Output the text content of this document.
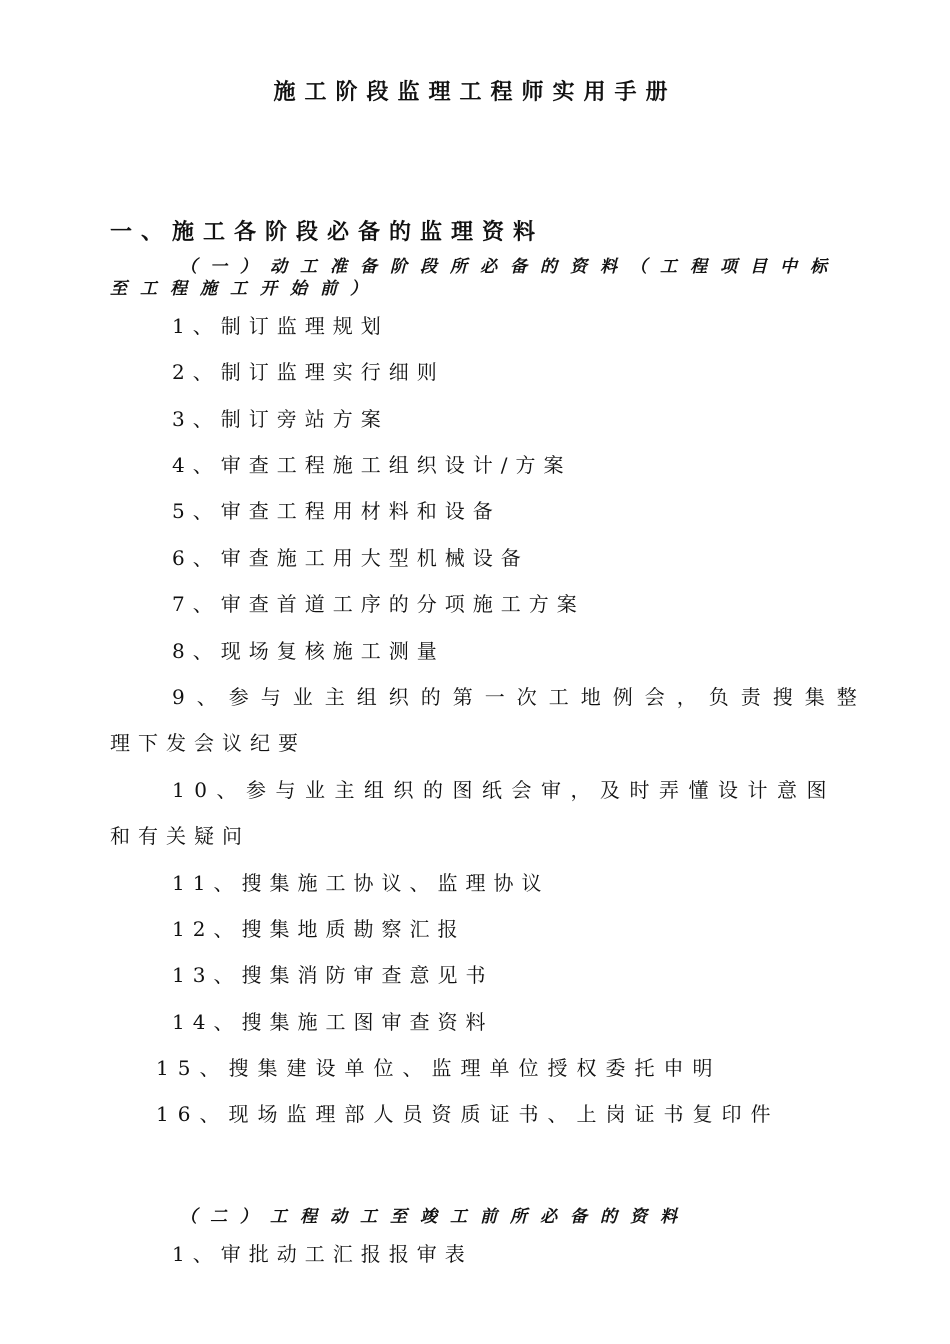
施工阶段监理工程师实用手册
一、施工各阶段必备的监理资料
（一）动工准备阶段所必备的资料（工程项目中标
至工程施工开始前）
1、制订监理规划
2、制订监理实行细则
3、制订旁站方案
4、审查工程施工组织设计/方案
5、审查工程用材料和设备
6、审查施工用大型机械设备
7、审查首道工序的分项施工方案
8、现场复核施工测量
9、参与业主组织的第一次工地例会，负责搜集整
理下发会议纪要
10、参与业主组织的图纸会审，及时弄懂设计意图
和有关疑问
11、搜集施工协议、监理协议
12、搜集地质勘察汇报
13、搜集消防审查意见书
14、搜集施工图审查资料
15、搜集建设单位、监理单位授权委托申明
16、现场监理部人员资质证书、上岗证书复印件
（二）工程动工至竣工前所必备的资料
1、审批动工汇报报审表
